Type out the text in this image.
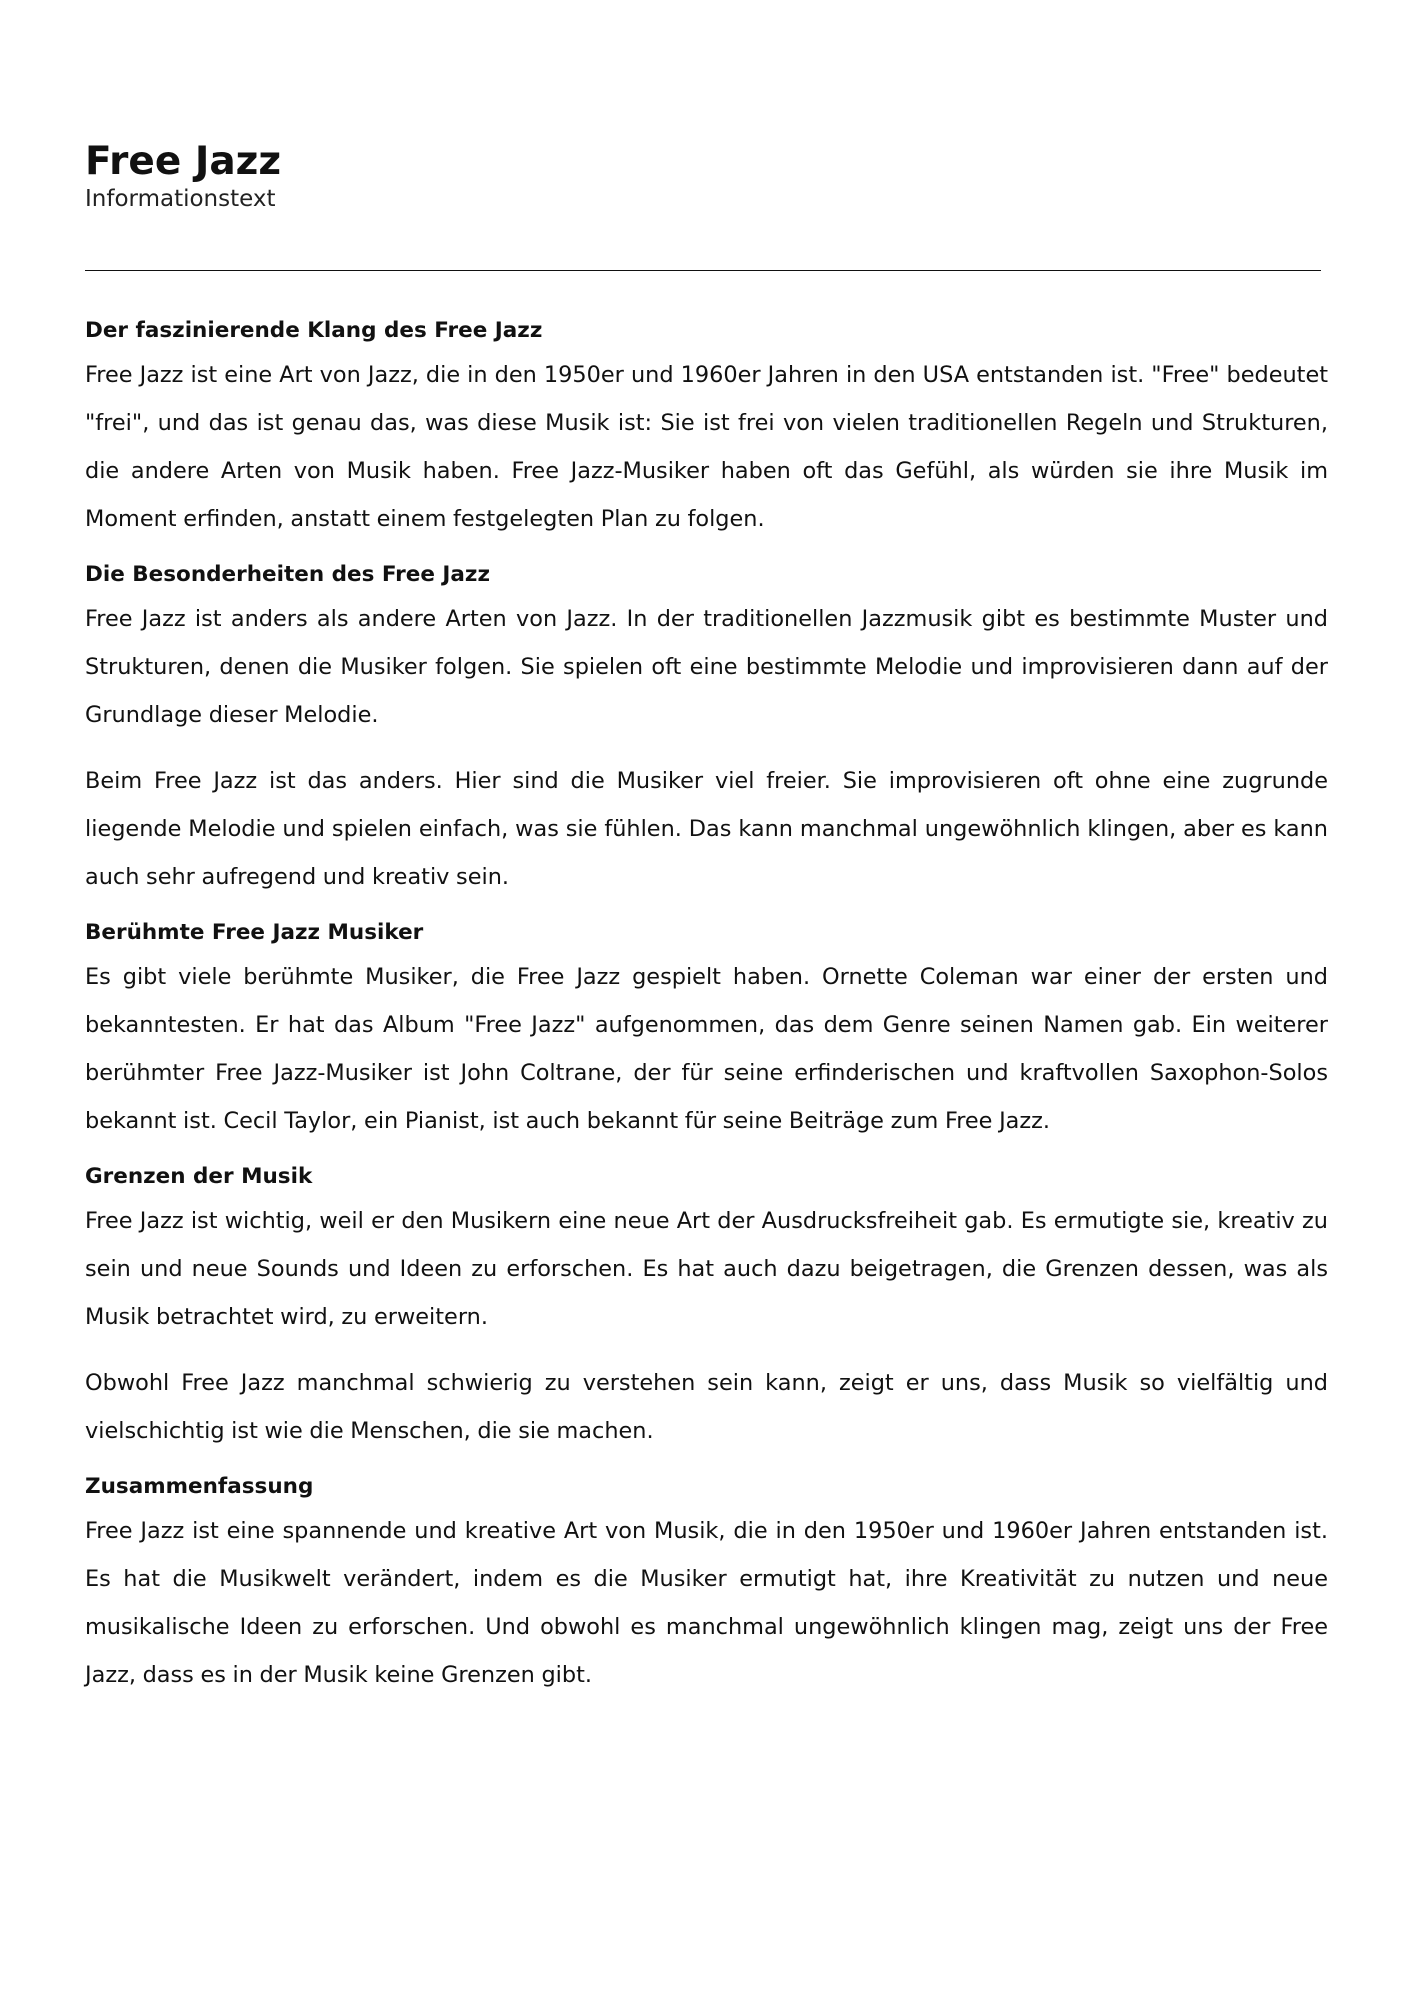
Free Jazz

Informationstext

Der faszinierende Klang des Free Jazz

Free Jazz ist eine Art von Jazz, die in den 1950er und 1960er Jahren in den USA entstanden ist. "Free" bedeutet "frei", und das ist genau das, was diese Musik ist: Sie ist frei von vielen traditionellen Regeln und Strukturen, die andere Arten von Musik haben. Free Jazz-Musiker haben oft das Gefühl, als würden sie ihre Musik im Moment erfinden, anstatt einem festgelegten Plan zu folgen.

Die Besonderheiten des Free Jazz

Free Jazz ist anders als andere Arten von Jazz. In der traditionellen Jazzmusik gibt es bestimmte Muster und Strukturen, denen die Musiker folgen. Sie spielen oft eine bestimmte Melodie und improvisieren dann auf der Grundlage dieser Melodie.

Beim Free Jazz ist das anders. Hier sind die Musiker viel freier. Sie improvisieren oft ohne eine zugrunde liegende Melodie und spielen einfach, was sie fühlen. Das kann manchmal ungewöhnlich klingen, aber es kann auch sehr aufregend und kreativ sein.

Berühmte Free Jazz Musiker

Es gibt viele berühmte Musiker, die Free Jazz gespielt haben. Ornette Coleman war einer der ersten und bekanntesten. Er hat das Album "Free Jazz" aufgenommen, das dem Genre seinen Namen gab. Ein weiterer berühmter Free Jazz-Musiker ist John Coltrane, der für seine erfinderischen und kraftvollen Saxophon-Solos bekannt ist. Cecil Taylor, ein Pianist, ist auch bekannt für seine Beiträge zum Free Jazz.

Grenzen der Musik

Free Jazz ist wichtig, weil er den Musikern eine neue Art der Ausdrucksfreiheit gab. Es ermutigte sie, kreativ zu sein und neue Sounds und Ideen zu erforschen. Es hat auch dazu beigetragen, die Grenzen dessen, was als Musik betrachtet wird, zu erweitern.

Obwohl Free Jazz manchmal schwierig zu verstehen sein kann, zeigt er uns, dass Musik so vielfältig und vielschichtig ist wie die Menschen, die sie machen.

Zusammenfassung

Free Jazz ist eine spannende und kreative Art von Musik, die in den 1950er und 1960er Jahren entstanden ist. Es hat die Musikwelt verändert, indem es die Musiker ermutigt hat, ihre Kreativität zu nutzen und neue musikalische Ideen zu erforschen. Und obwohl es manchmal ungewöhnlich klingen mag, zeigt uns der Free Jazz, dass es in der Musik keine Grenzen gibt.
